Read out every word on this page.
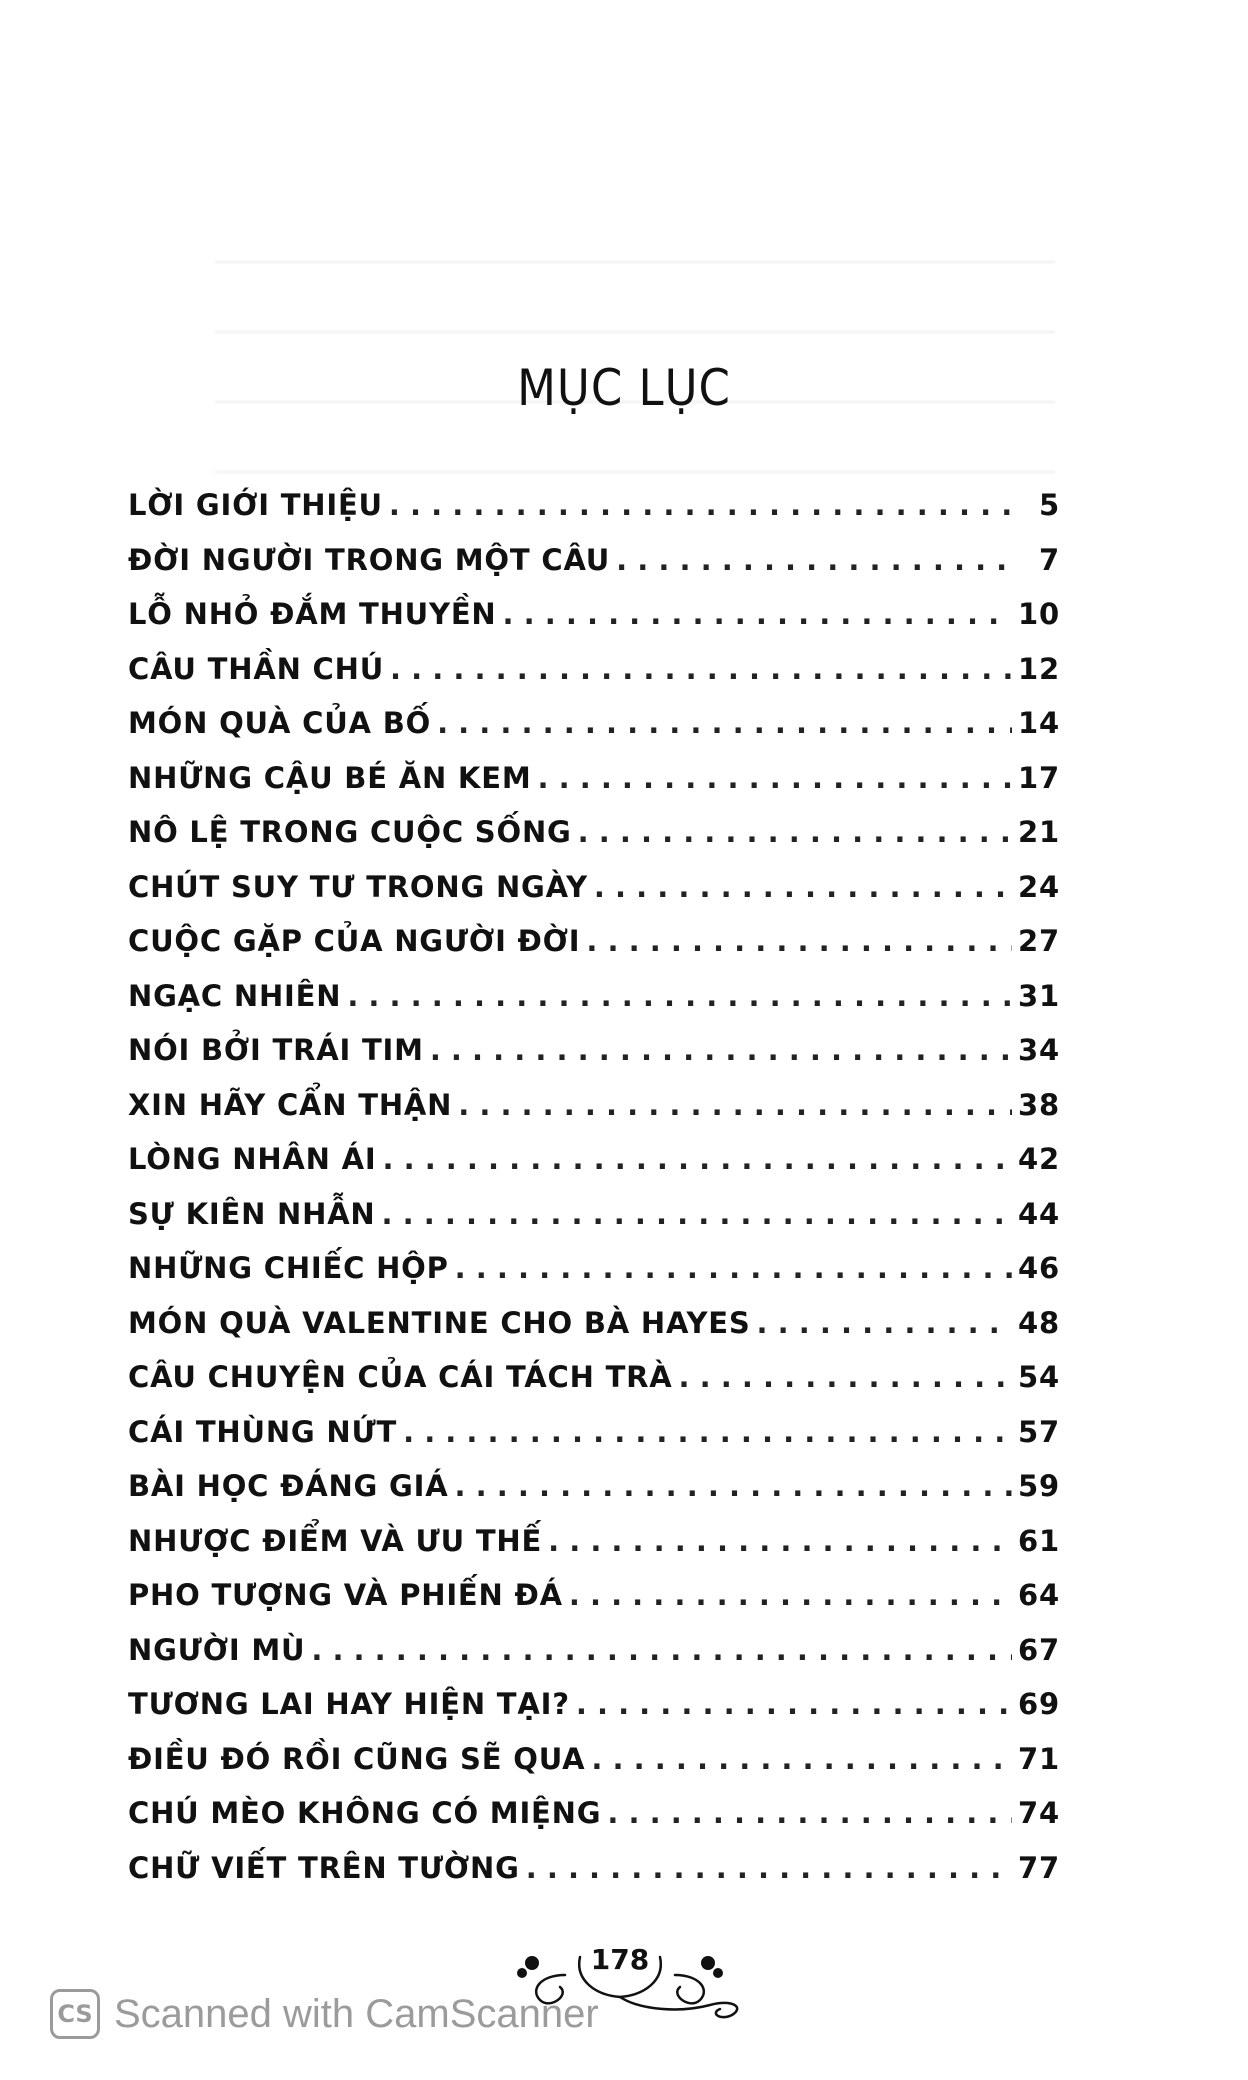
MỤC LỤC
LỜI GIỚI THIỆU . . .	5
ĐỜI NGƯỜI TRONG MỘT CÂU . . .	7
LỖ NHỎ ĐẮM THUYỀN . . .	10
CÂU THẦN CHÚ . . .	12
MÓN QUÀ CỦA BỐ . . .	14
NHỮNG CẬU BÉ ĂN KEM . . .	17
NÔ LỆ TRONG CUỘC SỐNG . . .	21
CHÚT SUY TƯ TRONG NGÀY . . .	24
CUỘC GẶP CỦA NGƯỜI ĐỜI . . .	27
NGẠC NHIÊN . . .	31
NÓI BỞI TRÁI TIM . . .	34
XIN HÃY CẨN THẬN . . .	38
LÒNG NHÂN ÁI . . .	42
SỰ KIÊN NHẪN . . .	44
NHỮNG CHIẾC HỘP . . .	46
MÓN QUÀ VALENTINE CHO BÀ HAYES . . .	48
CÂU CHUYỆN CỦA CÁI TÁCH TRÀ . . .	54
CÁI THÙNG NỨT . . .	57
BÀI HỌC ĐÁNG GIÁ . . .	59
NHƯỢC ĐIỂM VÀ ƯU THẾ . . .	61
PHO TƯỢNG VÀ PHIẾN ĐÁ . . .	64
NGƯỜI MÙ . . .	67
TƯƠNG LAI HAY HIỆN TẠI? . . .	69
ĐIỀU ĐÓ RỒI CŨNG SẼ QUA . . .	71
CHÚ MÈO KHÔNG CÓ MIỆNG . . .	74
CHỮ VIẾT TRÊN TƯỜNG . . .	77
178
CS Scanned with CamScanner
